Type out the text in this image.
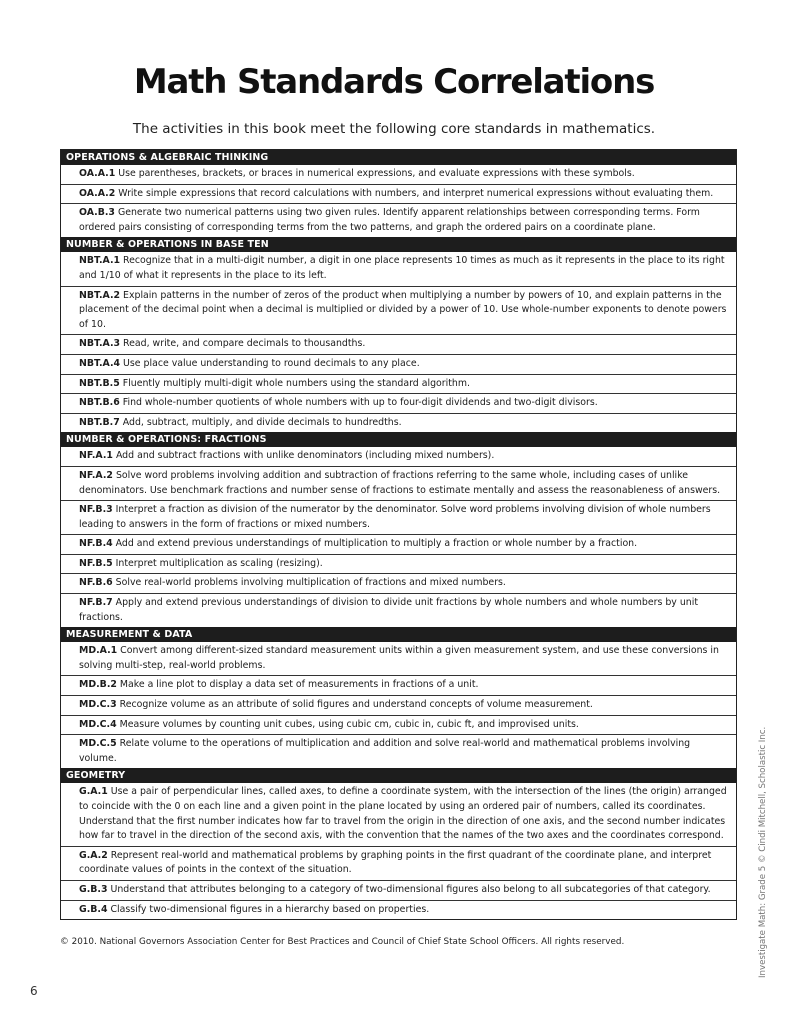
Math Standards Correlations
The activities in this book meet the following core standards in mathematics.
OPERATIONS & ALGEBRAIC THINKING
OA.A.1 Use parentheses, brackets, or braces in numerical expressions, and evaluate expressions with these symbols.
OA.A.2 Write simple expressions that record calculations with numbers, and interpret numerical expressions without evaluating them.
OA.B.3 Generate two numerical patterns using two given rules. Identify apparent relationships between corresponding terms. Form ordered pairs consisting of corresponding terms from the two patterns, and graph the ordered pairs on a coordinate plane.
NUMBER & OPERATIONS IN BASE TEN
NBT.A.1 Recognize that in a multi-digit number, a digit in one place represents 10 times as much as it represents in the place to its right and 1/10 of what it represents in the place to its left.
NBT.A.2 Explain patterns in the number of zeros of the product when multiplying a number by powers of 10, and explain patterns in the placement of the decimal point when a decimal is multiplied or divided by a power of 10. Use whole-number exponents to denote powers of 10.
NBT.A.3 Read, write, and compare decimals to thousandths.
NBT.A.4 Use place value understanding to round decimals to any place.
NBT.B.5 Fluently multiply multi-digit whole numbers using the standard algorithm.
NBT.B.6 Find whole-number quotients of whole numbers with up to four-digit dividends and two-digit divisors.
NBT.B.7 Add, subtract, multiply, and divide decimals to hundredths.
NUMBER & OPERATIONS: FRACTIONS
NF.A.1 Add and subtract fractions with unlike denominators (including mixed numbers).
NF.A.2 Solve word problems involving addition and subtraction of fractions referring to the same whole, including cases of unlike denominators. Use benchmark fractions and number sense of fractions to estimate mentally and assess the reasonableness of answers.
NF.B.3 Interpret a fraction as division of the numerator by the denominator. Solve word problems involving division of whole numbers leading to answers in the form of fractions or mixed numbers.
NF.B.4 Add and extend previous understandings of multiplication to multiply a fraction or whole number by a fraction.
NF.B.5 Interpret multiplication as scaling (resizing).
NF.B.6 Solve real-world problems involving multiplication of fractions and mixed numbers.
NF.B.7 Apply and extend previous understandings of division to divide unit fractions by whole numbers and whole numbers by unit fractions.
MEASUREMENT & DATA
MD.A.1 Convert among different-sized standard measurement units within a given measurement system, and use these conversions in solving multi-step, real-world problems.
MD.B.2 Make a line plot to display a data set of measurements in fractions of a unit.
MD.C.3 Recognize volume as an attribute of solid figures and understand concepts of volume measurement.
MD.C.4 Measure volumes by counting unit cubes, using cubic cm, cubic in, cubic ft, and improvised units.
MD.C.5 Relate volume to the operations of multiplication and addition and solve real-world and mathematical problems involving volume.
GEOMETRY
G.A.1 Use a pair of perpendicular lines, called axes, to define a coordinate system, with the intersection of the lines (the origin) arranged to coincide with the 0 on each line and a given point in the plane located by using an ordered pair of numbers, called its coordinates. Understand that the first number indicates how far to travel from the origin in the direction of one axis, and the second number indicates how far to travel in the direction of the second axis, with the convention that the names of the two axes and the coordinates correspond.
G.A.2 Represent real-world and mathematical problems by graphing points in the first quadrant of the coordinate plane, and interpret coordinate values of points in the context of the situation.
G.B.3 Understand that attributes belonging to a category of two-dimensional figures also belong to all subcategories of that category.
G.B.4 Classify two-dimensional figures in a hierarchy based on properties.
© 2010. National Governors Association Center for Best Practices and Council of Chief State School Officers. All rights reserved.
6
Investigate Math: Grade 5 © Cindi Mitchell, Scholastic Inc.
